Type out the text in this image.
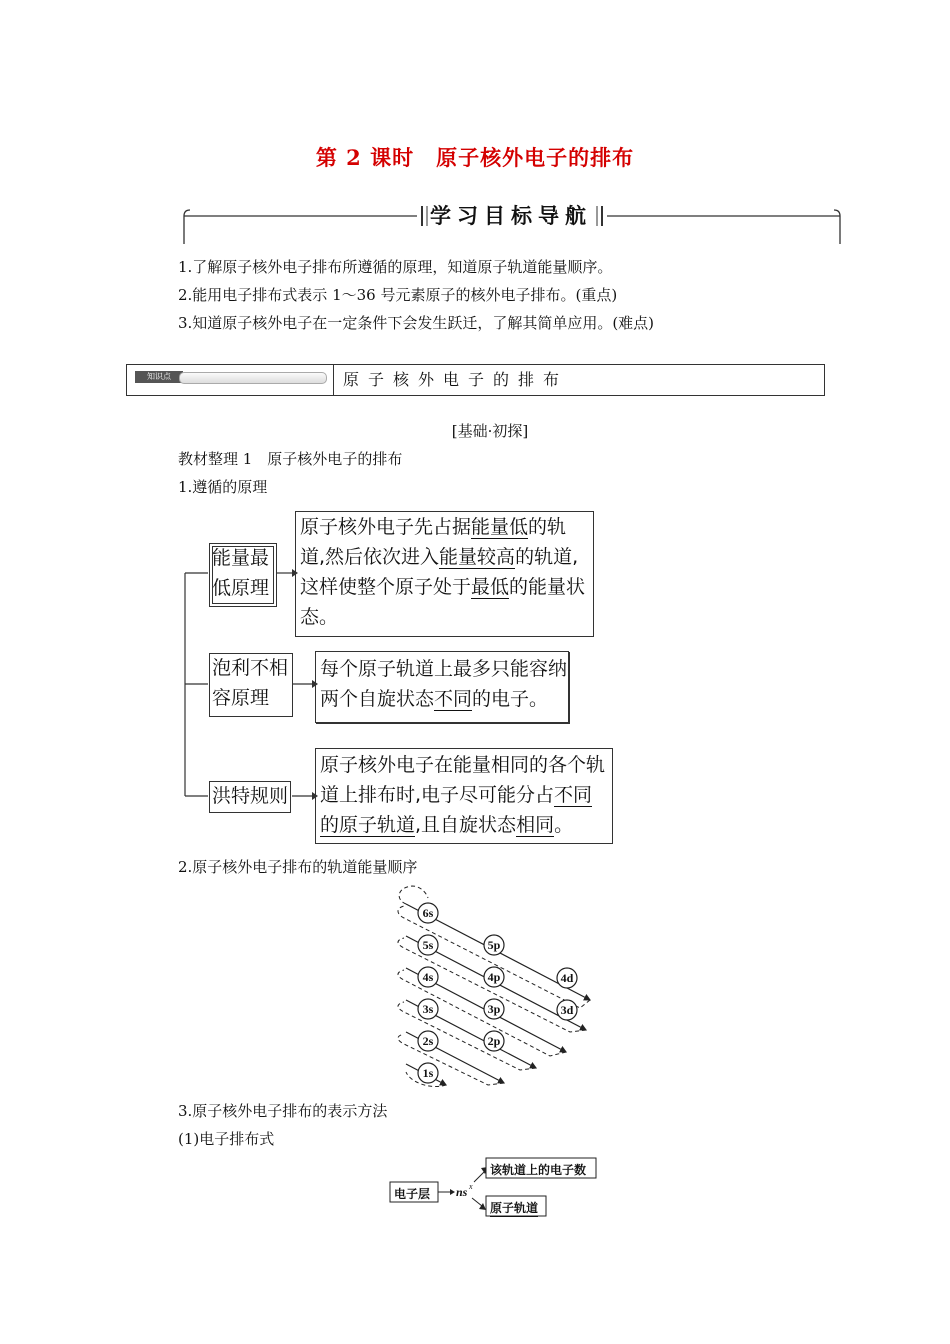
第 2 课时　原子核外电子的排布
学习目标导航
1.了解原子核外电子排布所遵循的原理，知道原子轨道能量顺序。
2.能用电子排布式表示 1～36 号元素原子的核外电子排布。(重点)
3.知道原子核外电子在一定条件下会发生跃迁，了解其简单应用。(难点)
知识点	原子核外电子的排布
[基础·初探]
教材整理 1　原子核外电子的排布
1.遵循的原理
能量最
低原理
原子核外电子先占据能量低的轨
道,然后依次进入能量较高的轨道,
这样使整个原子处于最低的能量状
态。
泡利不相
容原理
每个原子轨道上最多只能容纳
两个自旋状态不同的电子。
洪特规则
原子核外电子在能量相同的各个轨
道上排布时,电子尽可能分占不同
的原子轨道,且自旋状态相同。
2.原子核外电子排布的轨道能量顺序
6s
5s	5p
4s	4p	4d
3s	3p	3d
2s	2p
1s
3.原子核外电子排布的表示方法
(1)电子排布式
ns x
电子层
该轨道上的电子数
原子轨道
